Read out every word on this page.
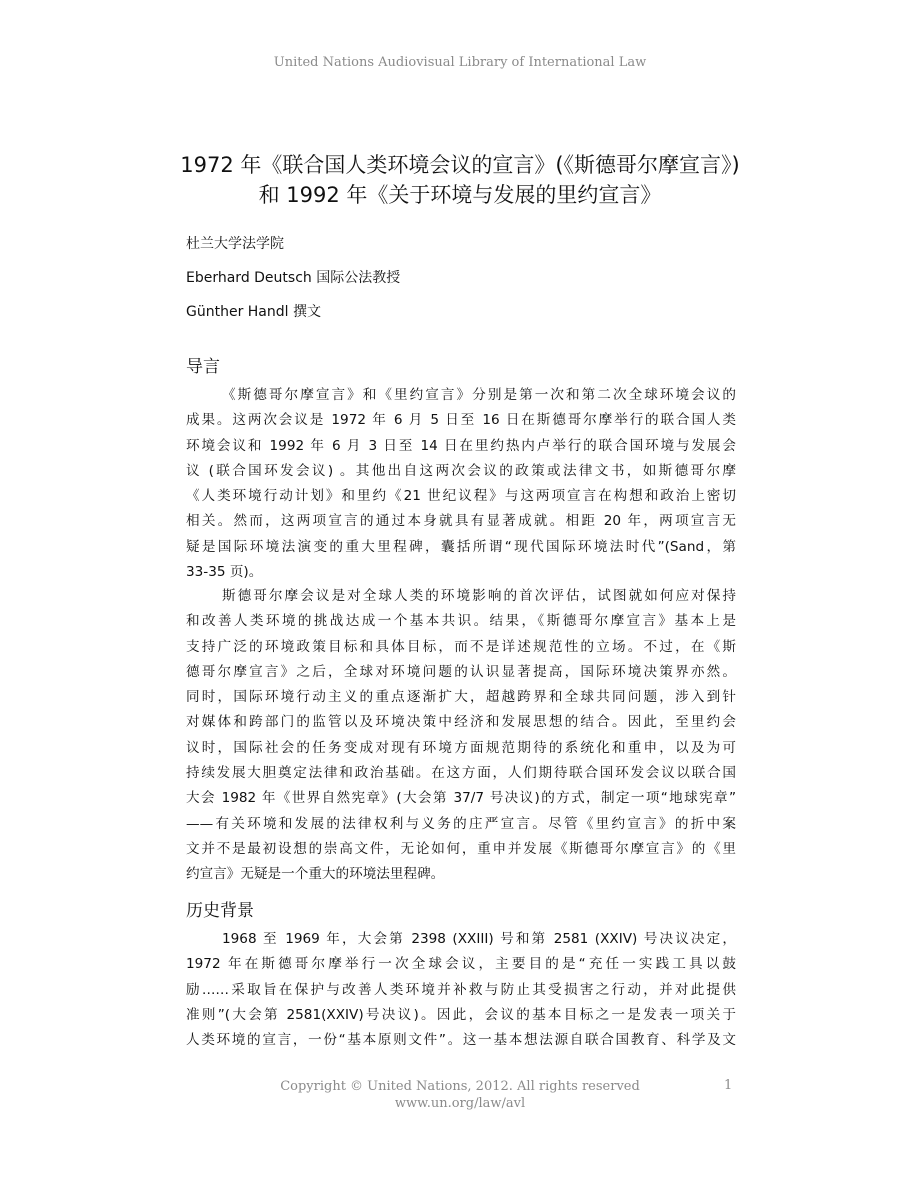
United Nations Audiovisual Library of International Law
1972 年《联合国人类环境会议的宣言》(《斯德哥尔摩宣言》)
和 1992 年《关于环境与发展的里约宣言》
杜兰大学法学院
Eberhard Deutsch 国际公法教授
Günther Handl 撰文
导言
《斯德哥尔摩宣言》和《里约宣言》分别是第一次和第二次全球环境会议的
成果。这两次会议是 1972 年 6 月 5 日至 16 日在斯德哥尔摩举行的联合国人类
环境会议和 1992 年 6 月 3 日至 14 日在里约热内卢举行的联合国环境与发展会
议 (联合国环发会议) 。其他出自这两次会议的政策或法律文书，如斯德哥尔摩
《人类环境行动计划》和里约《21 世纪议程》与这两项宣言在构想和政治上密切
相关。然而，这两项宣言的通过本身就具有显著成就。相距 20 年，两项宣言无
疑是国际环境法演变的重大里程碑，囊括所谓“现代国际环境法时代”(Sand，第
33-35 页)。
斯德哥尔摩会议是对全球人类的环境影响的首次评估，试图就如何应对保持
和改善人类环境的挑战达成一个基本共识。结果，《斯德哥尔摩宣言》基本上是
支持广泛的环境政策目标和具体目标，而不是详述规范性的立场。不过，在《斯
德哥尔摩宣言》之后，全球对环境问题的认识显著提高，国际环境决策界亦然。
同时，国际环境行动主义的重点逐渐扩大，超越跨界和全球共同问题，涉入到针
对媒体和跨部门的监管以及环境决策中经济和发展思想的结合。因此，至里约会
议时，国际社会的任务变成对现有环境方面规范期待的系统化和重申，以及为可
持续发展大胆奠定法律和政治基础。在这方面，人们期待联合国环发会议以联合国
大会 1982 年《世界自然宪章》(大会第 37/7 号决议)的方式，制定一项“地球宪章”
——有关环境和发展的法律权利与义务的庄严宣言。尽管《里约宣言》的折中案
文并不是最初设想的崇高文件，无论如何，重申并发展《斯德哥尔摩宣言》的《里
约宣言》无疑是一个重大的环境法里程碑。
历史背景
1968 至 1969 年，大会第 2398 (XXIII) 号和第 2581 (XXIV) 号决议决定，
1972 年在斯德哥尔摩举行一次全球会议，主要目的是“充任一实践工具以鼓
励……采取旨在保护与改善人类环境并补救与防止其受损害之行动，并对此提供
准则”(大会第 2581(XXIV)号决议)。因此，会议的基本目标之一是发表一项关于
人类环境的宣言，一份“基本原则文件”。这一基本想法源自联合国教育、科学及文
Copyright © United Nations, 2012. All rights reserved
www.un.org/law/avl
1
